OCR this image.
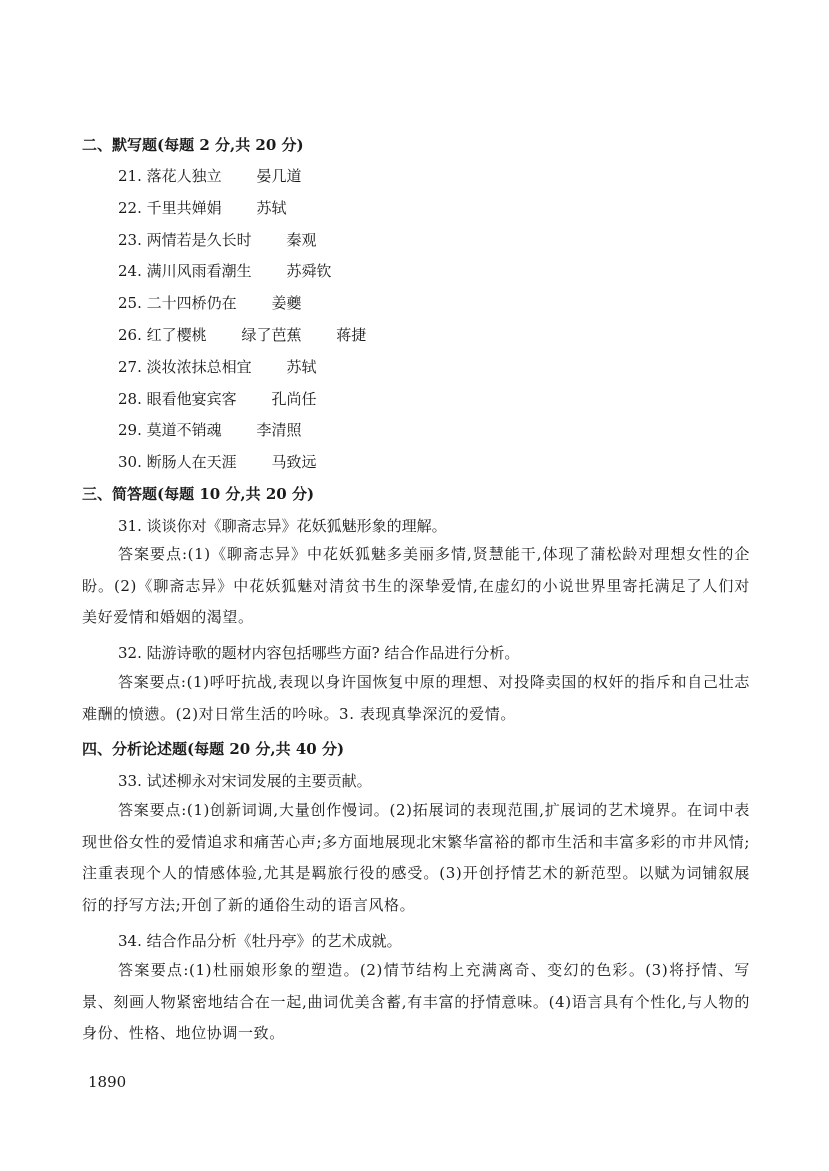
二、默写题(每题 2 分,共 20 分)
21. 落花人独立 晏几道
22. 千里共婵娟 苏轼
23. 两情若是久长时 秦观
24. 满川风雨看潮生 苏舜钦
25. 二十四桥仍在 姜夔
26. 红了樱桃 绿了芭蕉 蒋捷
27. 淡妆浓抹总相宜 苏轼
28. 眼看他宴宾客 孔尚任
29. 莫道不销魂 李清照
30. 断肠人在天涯 马致远
三、简答题(每题 10 分,共 20 分)
31. 谈谈你对《聊斋志异》花妖狐魅形象的理解。
答案要点:(1)《聊斋志异》中花妖狐魅多美丽多情,贤慧能干,体现了蒲松龄对理想女性的企盼。(2)《聊斋志异》中花妖狐魅对清贫书生的深挚爱情,在虚幻的小说世界里寄托满足了人们对美好爱情和婚姻的渴望。
32. 陆游诗歌的题材内容包括哪些方面? 结合作品进行分析。
答案要点:(1)呼吁抗战,表现以身许国恢复中原的理想、对投降卖国的权奸的指斥和自己壮志难酬的愤懑。(2)对日常生活的吟咏。3. 表现真挚深沉的爱情。
四、分析论述题(每题 20 分,共 40 分)
33. 试述柳永对宋词发展的主要贡献。
答案要点:(1)创新词调,大量创作慢词。(2)拓展词的表现范围,扩展词的艺术境界。在词中表现世俗女性的爱情追求和痛苦心声;多方面地展现北宋繁华富裕的都市生活和丰富多彩的市井风情;注重表现个人的情感体验,尤其是羁旅行役的感受。(3)开创抒情艺术的新范型。以赋为词铺叙展衍的抒写方法;开创了新的通俗生动的语言风格。
34. 结合作品分析《牡丹亭》的艺术成就。
答案要点:(1)杜丽娘形象的塑造。(2)情节结构上充满离奇、变幻的色彩。(3)将抒情、写景、刻画人物紧密地结合在一起,曲词优美含蓄,有丰富的抒情意味。(4)语言具有个性化,与人物的身份、性格、地位协调一致。
1890
